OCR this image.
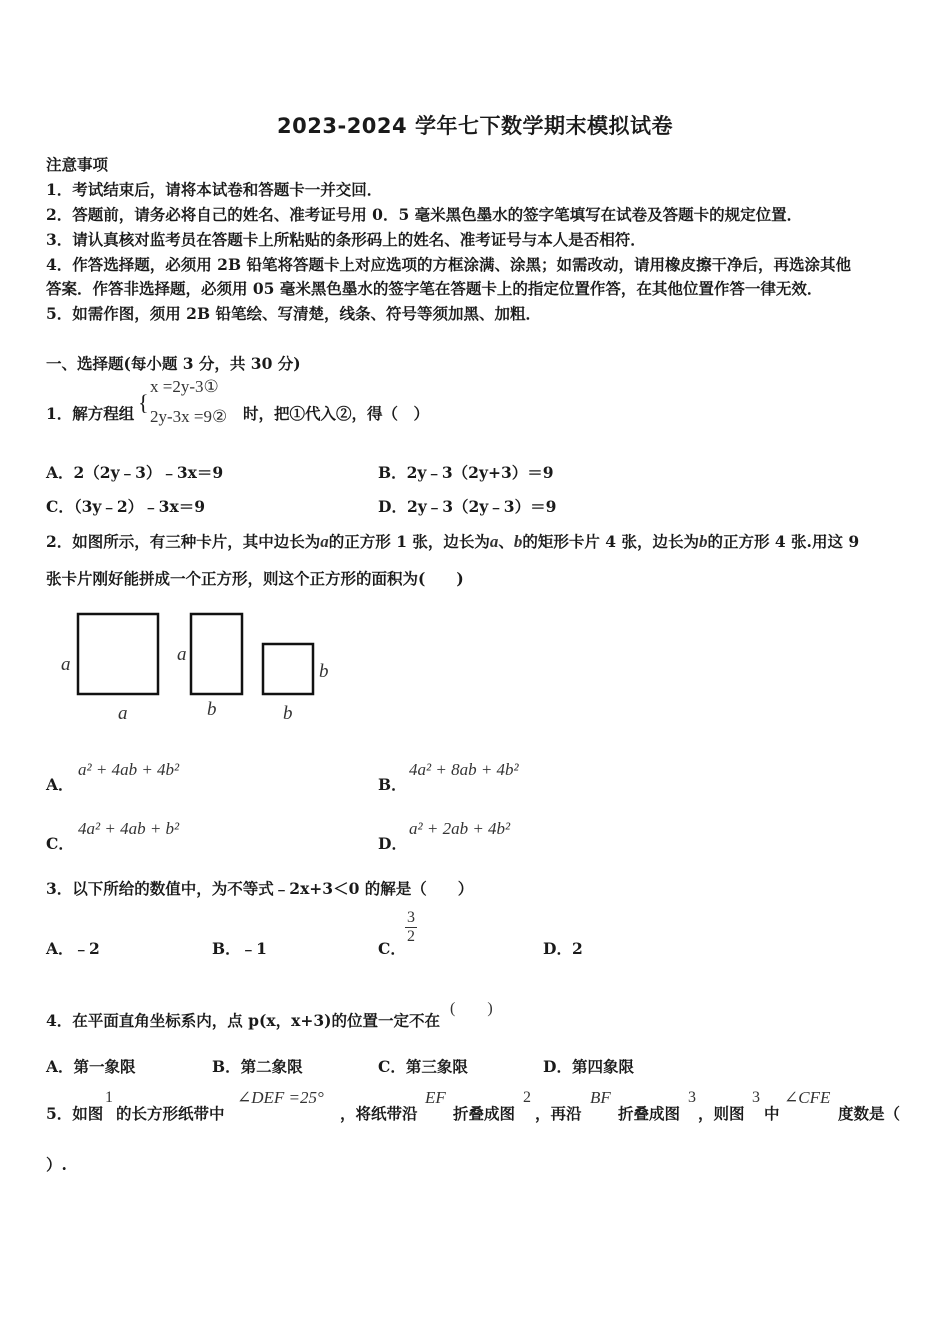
2023-2024 学年七下数学期末模拟试卷
注意事项
1．考试结束后，请将本试卷和答题卡一并交回．
2．答题前，请务必将自己的姓名、准考证号用 0．5 毫米黑色墨水的签字笔填写在试卷及答题卡的规定位置．
3．请认真核对监考员在答题卡上所粘贴的条形码上的姓名、准考证号与本人是否相符．
4．作答选择题，必须用 2B 铅笔将答题卡上对应选项的方框涂满、涂黑；如需改动，请用橡皮擦干净后，再选涂其他
答案．作答非选择题，必须用 05 毫米黑色墨水的签字笔在答题卡上的指定位置作答，在其他位置作答一律无效．
5．如需作图，须用 2B 铅笔绘、写清楚，线条、符号等须加黑、加粗．
一、选择题(每小题 3 分，共 30 分)
1．解方程组 {
x =2y-3①
2y-3x =9② 时，把①代入②，得（　）
A．2（2y﹣3）﹣3x＝9	B．2y﹣3（2y+3）＝9
C．（3y﹣2）﹣3x＝9	D．2y﹣3（2y﹣3）＝9
2．如图所示，有三种卡片，其中边长为a的正方形 1 张，边长为a、b的矩形卡片 4 张，边长为b的正方形 4 张.用这 9
张卡片刚好能拼成一个正方形，则这个正方形的面积为(　　)
a
a
a
b
b
b
A．
a² + 4ab + 4b²
B．
4a² + 8ab + 4b²
C．
4a² + 4ab + b²
D．
a² + 2ab + 4b²
3．以下所给的数值中，为不等式﹣2x+3＜0 的解是（　　）
A．﹣2	B．﹣1	C．
$\frac{3}{2}$
D．2
4．在平面直角坐标系内，点 p(x，x+3)的位置一定不在
(　　)
A．第一象限	B．第二象限	C．第三象限	D．第四象限
5．如图
1
的长方形纸带中
∠DEF =25°
，将纸带沿
EF
折叠成图
2
，再沿
BF
折叠成图
3
，则图
3
中
∠CFE
度数是（
）.
